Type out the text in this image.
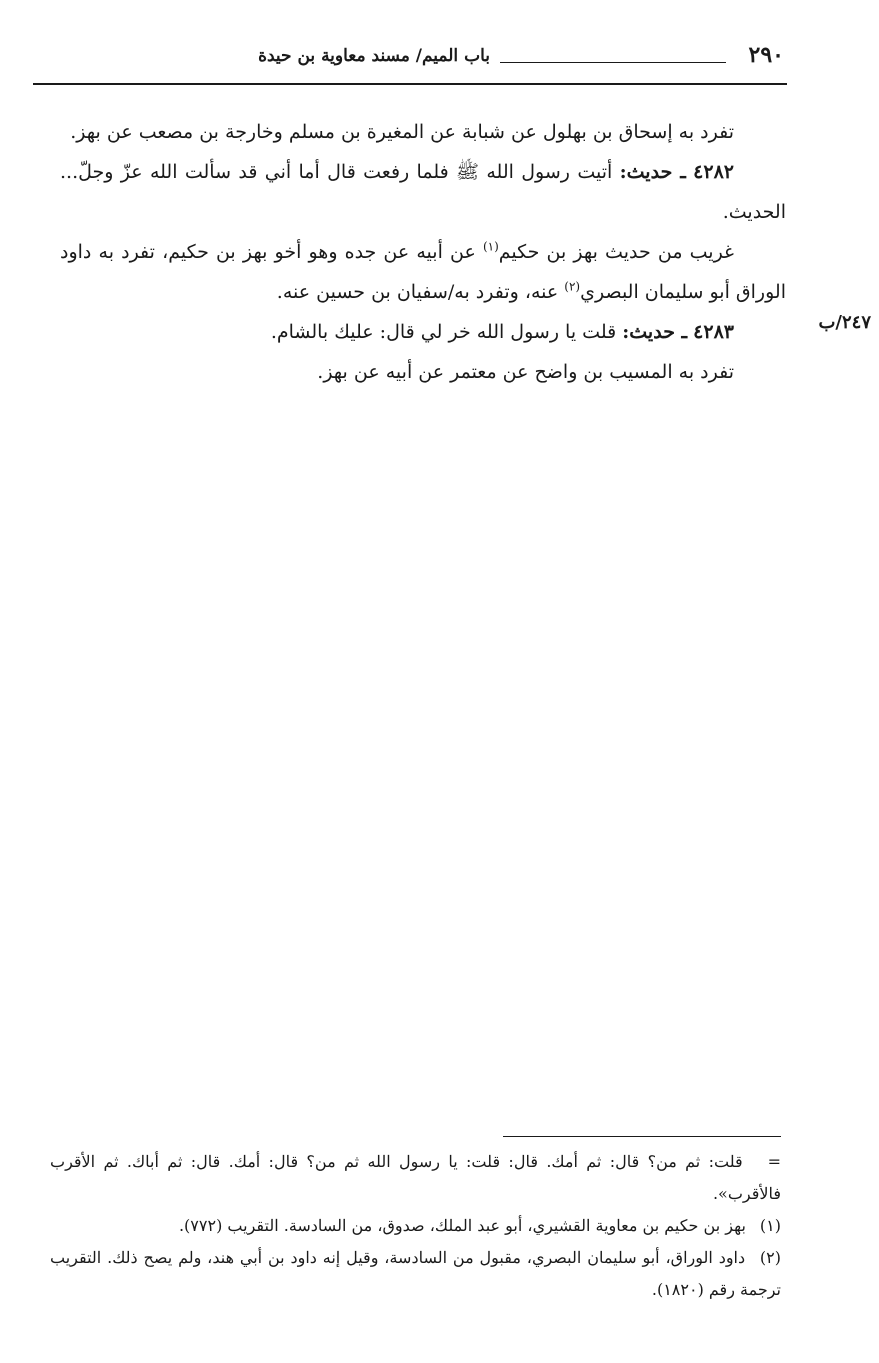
٢٩٠
باب الميم/ مسند معاوية بن حيدة
٢٤٧/ب

تفرد به إسحاق بن بهلول عن شبابة عن المغيرة بن مسلم وخارجة بن مصعب عن بهز.

٤٢٨٢ ـ حديث: أتيت رسول الله ﷺ فلما رفعت قال أما أني قد سألت الله عزّ وجلّ... الحديث.

غريب من حديث بهز بن حكيم$^{(١)}$ عن أبيه عن جده وهو أخو بهز بن حكيم، تفرد به داود الوراق أبو سليمان البصري$^{(٢)}$ عنه، وتفرد به/سفيان بن حسين عنه.

٤٢٨٣ ـ حديث: قلت يا رسول الله خر لي قال: عليك بالشام.

تفرد به المسيب بن واضح عن معتمر عن أبيه عن بهز.

= قلت: ثم من؟ قال: ثم أمك. قال: قلت: يا رسول الله ثم من؟ قال: أمك. قال: ثم أباك. ثم الأقرب فالأقرب».

(١) بهز بن حكيم بن معاوية القشيري، أبو عبد الملك، صدوق، من السادسة. التقريب (٧٧٢).

(٢) داود الوراق، أبو سليمان البصري، مقبول من السادسة، وقيل إنه داود بن أبي هند، ولم يصح ذلك. التقريب ترجمة رقم (١٨٢٠).
